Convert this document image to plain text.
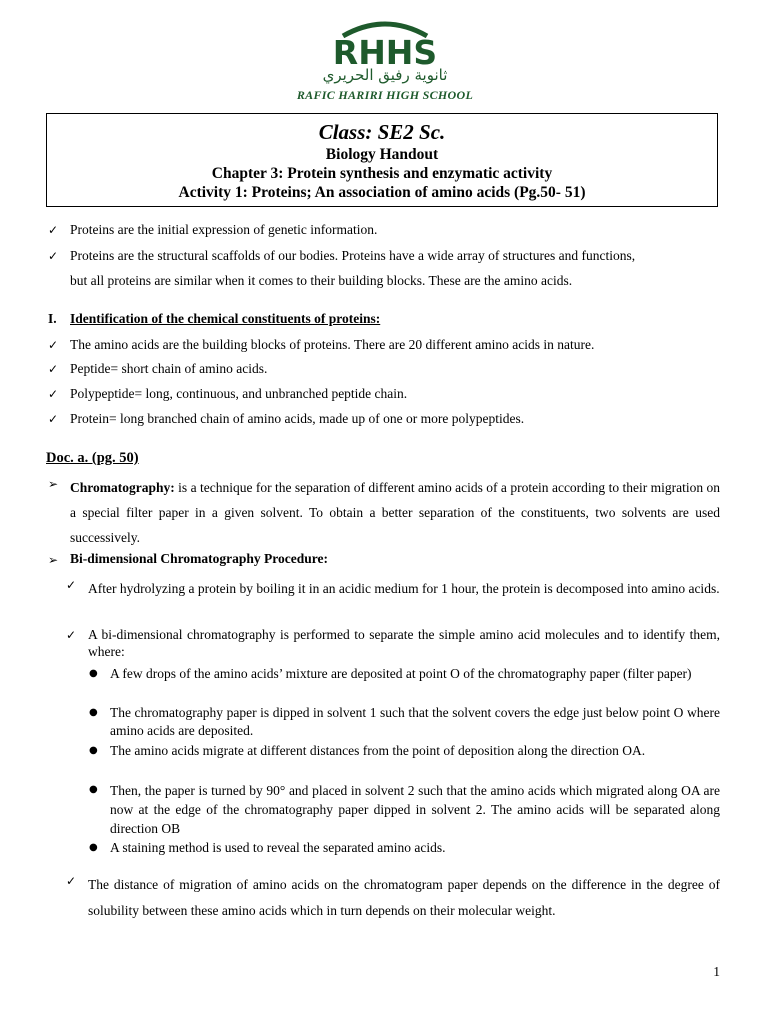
RHHS
ثانوية رفيق الحريري
RAFIC HARIRI HIGH SCHOOL
Class: SE2 Sc.
Biology Handout
Chapter 3: Protein synthesis and enzymatic activity
Activity 1: Proteins; An association of amino acids (Pg.50- 51)
✓ Proteins are the initial expression of genetic information.
✓ Proteins are the structural scaffolds of our bodies. Proteins have a wide array of structures and functions,
but all proteins are similar when it comes to their building blocks. These are the amino acids.
I. Identification of the chemical constituents of proteins:
✓ The amino acids are the building blocks of proteins. There are 20 different amino acids in nature.
✓ Peptide= short chain of amino acids.
✓ Polypeptide= long, continuous, and unbranched peptide chain.
✓ Protein= long branched chain of amino acids, made up of one or more polypeptides.
Doc. a. (pg. 50)
➢ Chromatography: is a technique for the separation of different amino acids of a protein according to their migration on a special filter paper in a given solvent. To obtain a better separation of the constituents, two solvents are used successively.
➢ Bi-dimensional Chromatography Procedure:
✓ After hydrolyzing a protein by boiling it in an acidic medium for 1 hour, the protein is decomposed into amino acids.
✓ A bi-dimensional chromatography is performed to separate the simple amino acid molecules and to identify them, where:
● A few drops of the amino acids’ mixture are deposited at point O of the chromatography paper (filter paper)
● The chromatography paper is dipped in solvent 1 such that the solvent covers the edge just below point O where amino acids are deposited.
● The amino acids migrate at different distances from the point of deposition along the direction OA.
● Then, the paper is turned by 90° and placed in solvent 2 such that the amino acids which migrated along OA are now at the edge of the chromatography paper dipped in solvent 2. The amino acids will be separated along direction OB
● A staining method is used to reveal the separated amino acids.
✓ The distance of migration of amino acids on the chromatogram paper depends on the difference in the degree of solubility between these amino acids which in turn depends on their molecular weight.
1
